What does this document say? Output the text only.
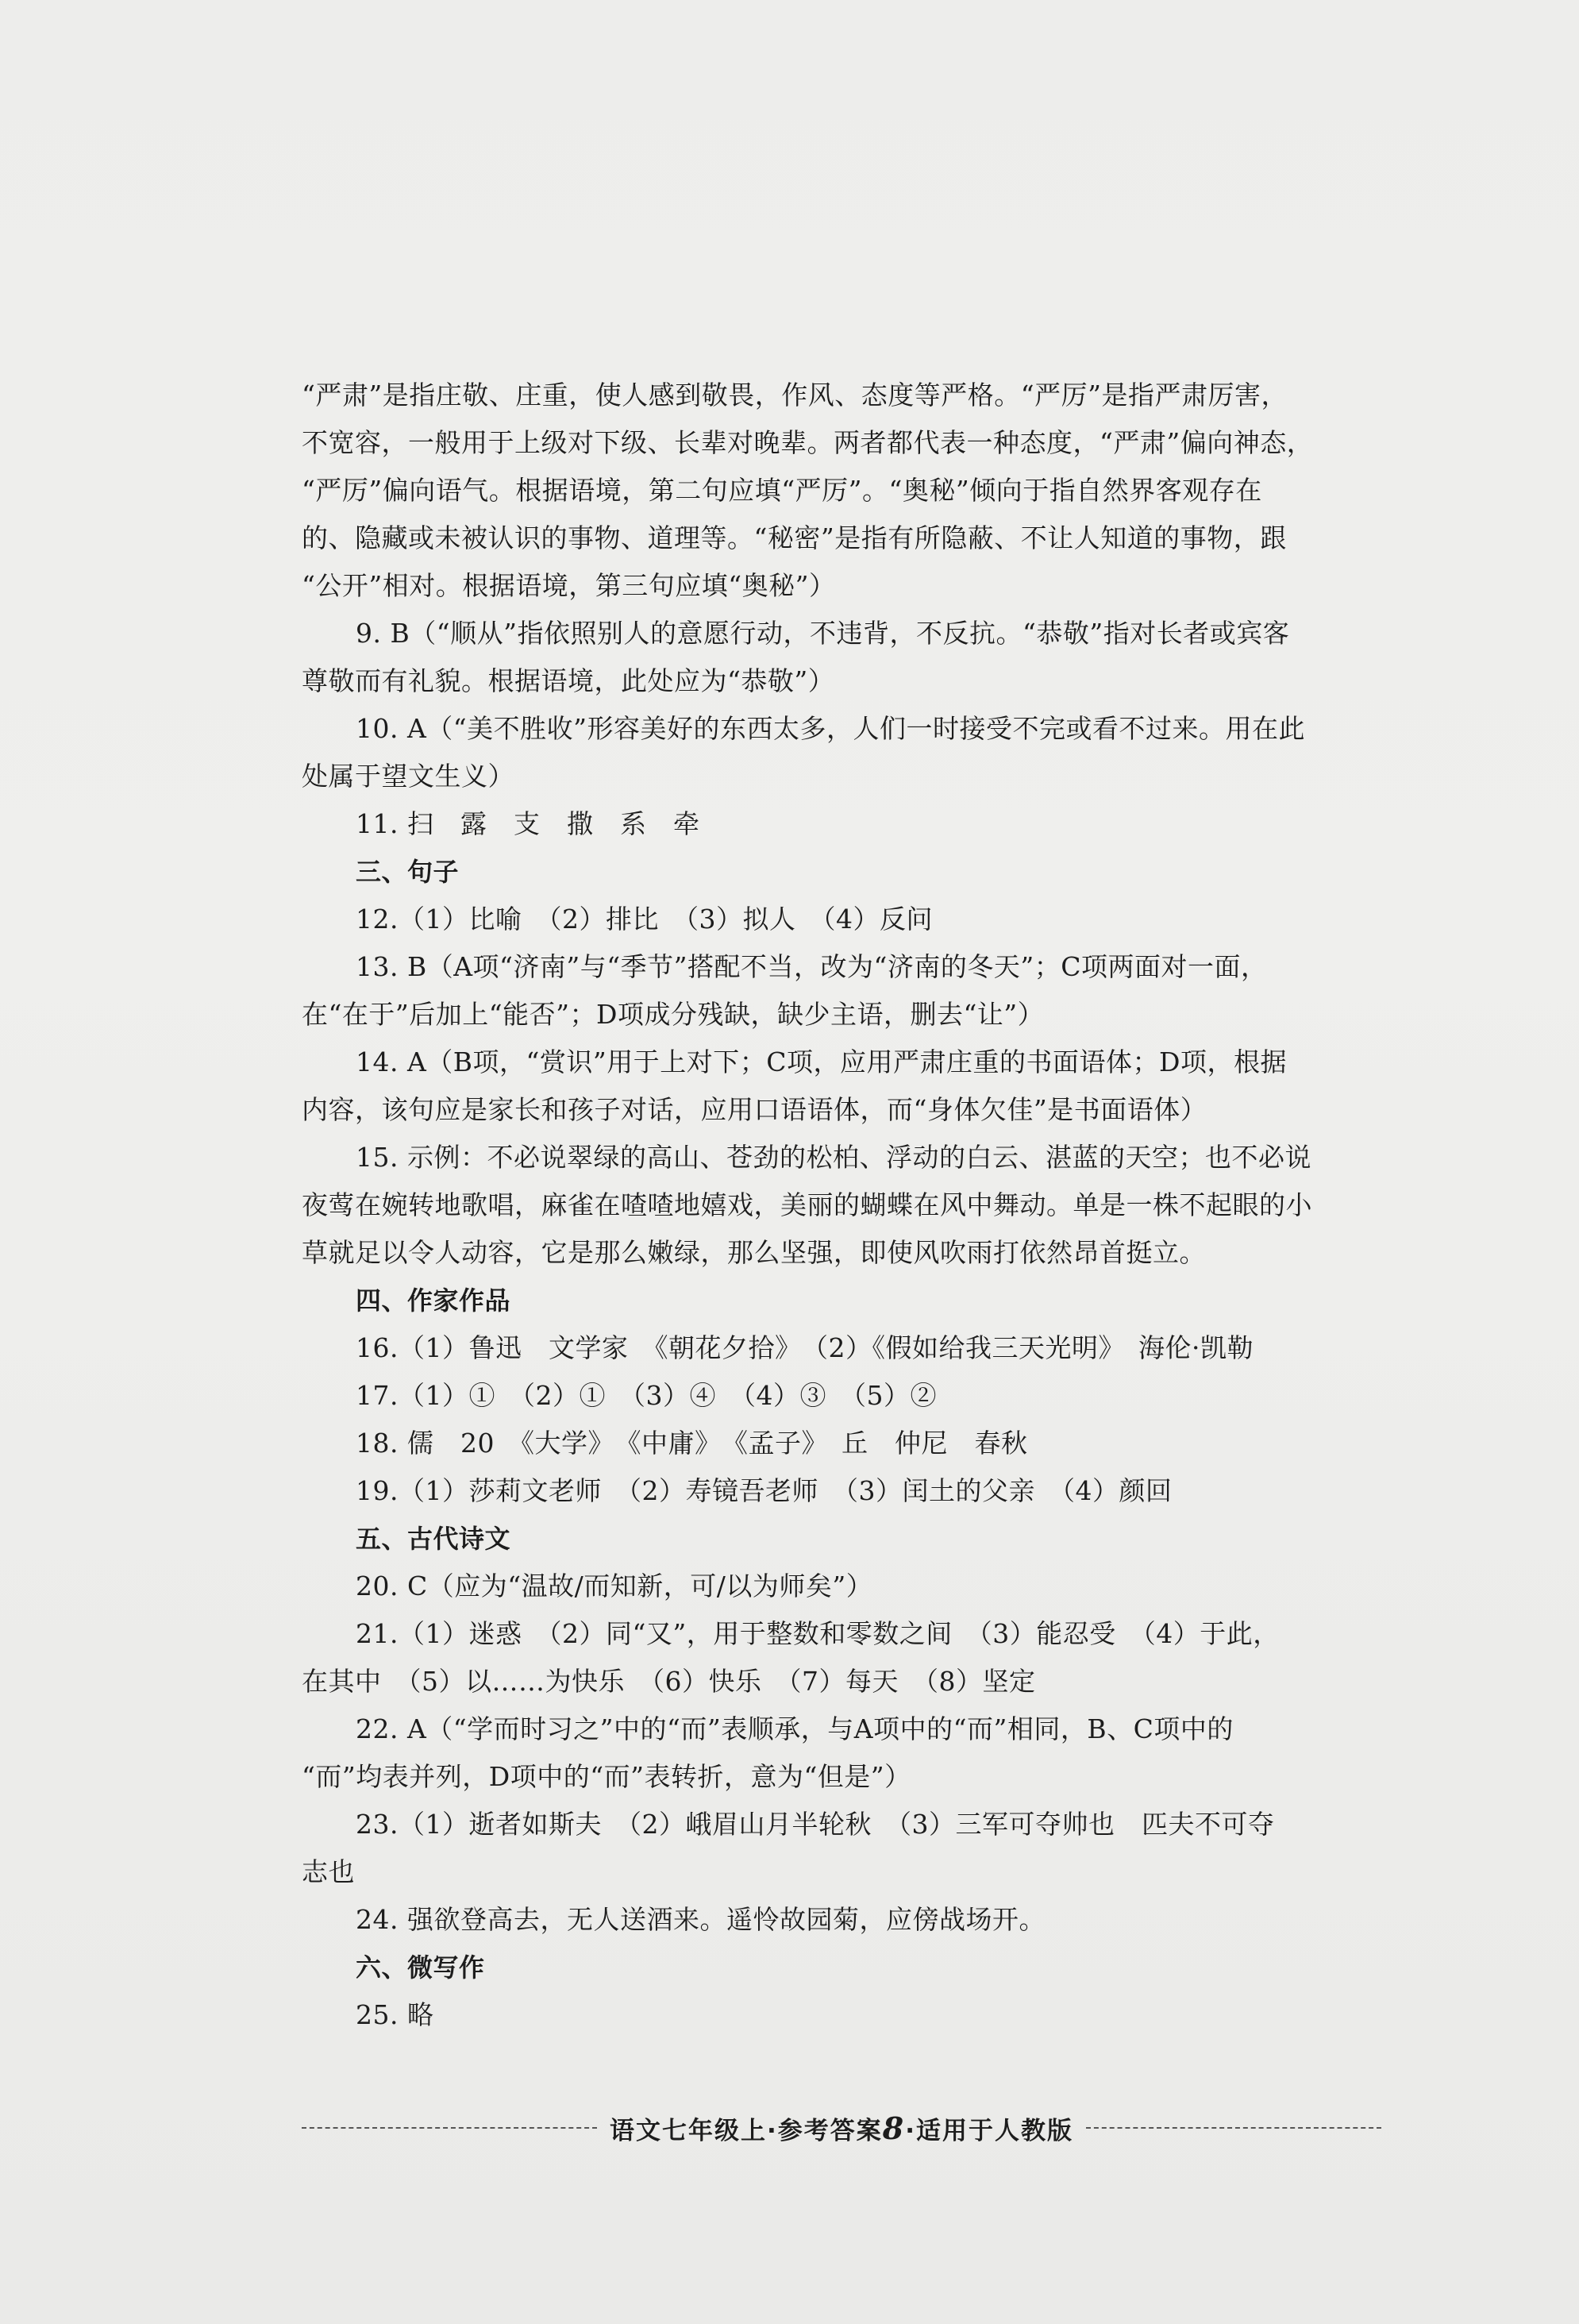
“严肃”是指庄敬、庄重，使人感到敬畏，作风、态度等严格。“严厉”是指严肃厉害，
不宽容，一般用于上级对下级、长辈对晚辈。两者都代表一种态度，“严肃”偏向神态，
“严厉”偏向语气。根据语境，第二句应填“严厉”。“奥秘”倾向于指自然界客观存在
的、隐藏或未被认识的事物、道理等。“秘密”是指有所隐蔽、不让人知道的事物，跟
“公开”相对。根据语境，第三句应填“奥秘”）
9. B（“顺从”指依照别人的意愿行动，不违背，不反抗。“恭敬”指对长者或宾客
尊敬而有礼貌。根据语境，此处应为“恭敬”）
10. A（“美不胜收”形容美好的东西太多，人们一时接受不完或看不过来。用在此
处属于望文生义）
11. 扫　露　支　撒　系　牵
三、句子
12.（1）比喻　（2）排比　（3）拟人　（4）反问
13. B（A项“济南”与“季节”搭配不当，改为“济南的冬天”；C项两面对一面，
在“在于”后加上“能否”；D项成分残缺，缺少主语，删去“让”）
14. A（B项，“赏识”用于上对下；C项，应用严肃庄重的书面语体；D项，根据
内容，该句应是家长和孩子对话，应用口语语体，而“身体欠佳”是书面语体）
15. 示例：不必说翠绿的高山、苍劲的松柏、浮动的白云、湛蓝的天空；也不必说
夜莺在婉转地歌唱，麻雀在喳喳地嬉戏，美丽的蝴蝶在风中舞动。单是一株不起眼的小
草就足以令人动容，它是那么嫩绿，那么坚强，即使风吹雨打依然昂首挺立。
四、作家作品
16.（1）鲁迅　文学家　《朝花夕拾》　（2）《假如给我三天光明》　海伦·凯勒
17.（1）①　（2）①　（3）④　（4）③　（5）②
18. 儒　20　《大学》　《中庸》　《孟子》　丘　仲尼　春秋
19.（1）莎莉文老师　（2）寿镜吾老师　（3）闰土的父亲　（4）颜回
五、古代诗文
20. C（应为“温故/而知新，可/以为师矣”）
21.（1）迷惑　（2）同“又”，用于整数和零数之间　（3）能忍受　（4）于此，
在其中　（5）以……为快乐　（6）快乐　（7）每天　（8）坚定
22. A（“学而时习之”中的“而”表顺承，与A项中的“而”相同，B、C项中的
“而”均表并列，D项中的“而”表转折，意为“但是”）
23.（1）逝者如斯夫　（2）峨眉山月半轮秋　（3）三军可夺帅也　匹夫不可夺
志也
24. 强欲登高去，无人送酒来。遥怜故园菊，应傍战场开。
六、微写作
25. 略
语文七年级上·参考答案8·适用于人教版
